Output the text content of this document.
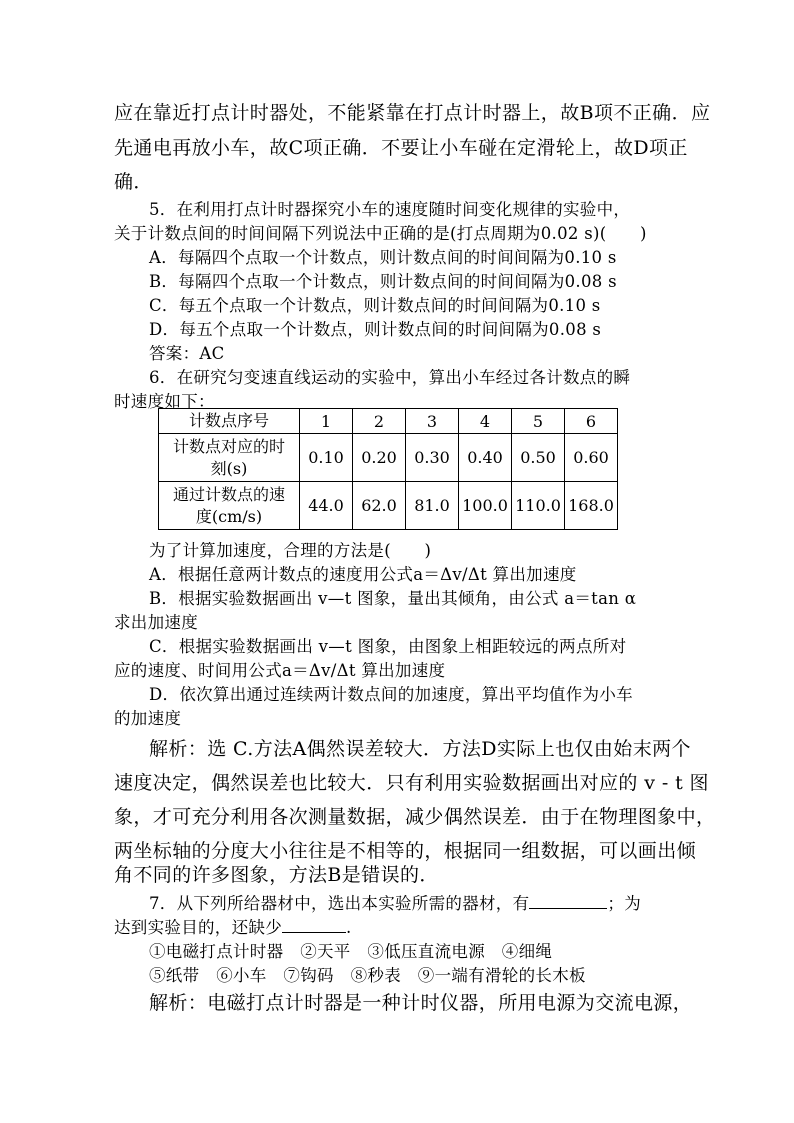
应在靠近打点计时器处，不能紧靠在打点计时器上，故B项不正确．应
先通电再放小车，故C项正确．不要让小车碰在定滑轮上，故D项正
确．
5．在利用打点计时器探究小车的速度随时间变化规律的实验中，
关于计数点间的时间间隔下列说法中正确的是(打点周期为0.02 s)(　　)
A．每隔四个点取一个计数点，则计数点间的时间间隔为0.10 s
B．每隔四个点取一个计数点，则计数点间的时间间隔为0.08 s
C．每五个点取一个计数点，则计数点间的时间间隔为0.10 s
D．每五个点取一个计数点，则计数点间的时间间隔为0.08 s
答案：AC
6．在研究匀变速直线运动的实验中，算出小车经过各计数点的瞬
时速度如下：
计数点序号	1	2	3	4	5	6
计数点对应的时
刻(s)	0.10	0.20	0.30	0.40	0.50	0.60
通过计数点的速
度(cm/s)	44.0	62.0	81.0	100.0	110.0	168.0
为了计算加速度，合理的方法是(　　)
A．根据任意两计数点的速度用公式a＝Δv/Δt 算出加速度
B．根据实验数据画出 v—t 图象，量出其倾角，由公式 a＝tan α
求出加速度
C．根据实验数据画出 v—t 图象，由图象上相距较远的两点所对
应的速度、时间用公式a＝Δv/Δt 算出加速度
D．依次算出通过连续两计数点间的加速度，算出平均值作为小车
的加速度
解析：选 C.方法A偶然误差较大．方法D实际上也仅由始末两个
速度决定，偶然误差也比较大．只有利用实验数据画出对应的 v - t 图
象，才可充分利用各次测量数据，减少偶然误差．由于在物理图象中，
两坐标轴的分度大小往往是不相等的，根据同一组数据，可以画出倾
角不同的许多图象，方法B是错误的．
7．从下列所给器材中，选出本实验所需的器材，有	；为
达到实验目的，还缺少	.
①电磁打点计时器　②天平　③低压直流电源　④细绳
⑤纸带　⑥小车　⑦钩码　⑧秒表　⑨一端有滑轮的长木板
解析：电磁打点计时器是一种计时仪器，所用电源为交流电源，
